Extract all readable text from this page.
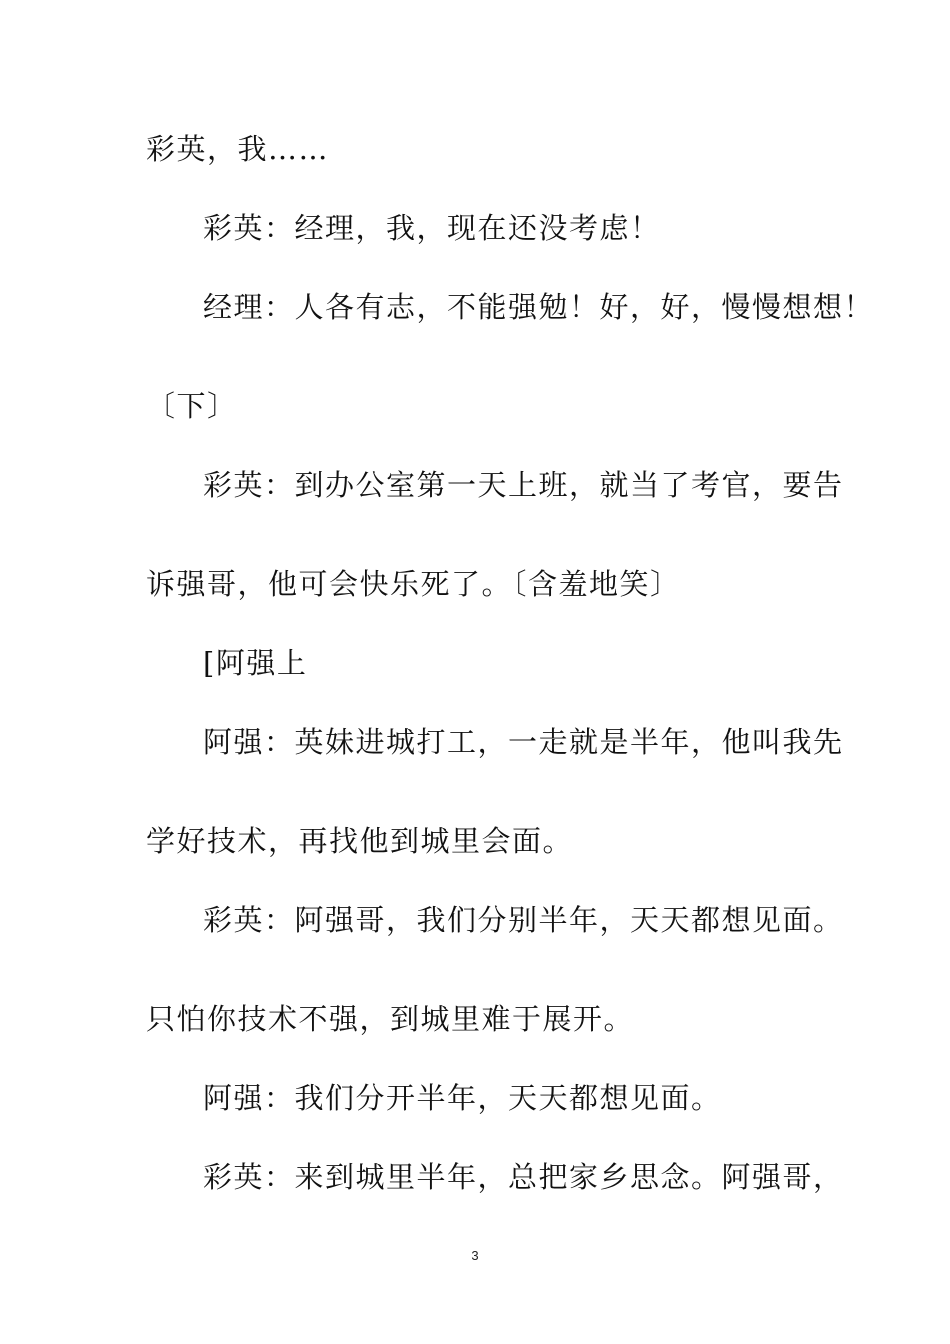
彩英，我……
彩英：经理，我，现在还没考虑！
经理：人各有志，不能强勉！好，好，慢慢想想！
〔下〕
彩英：到办公室第一天上班，就当了考官，要告
诉强哥，他可会快乐死了。〔含羞地笑〕
[阿强上
阿强：英妹进城打工，一走就是半年，他叫我先
学好技术，再找他到城里会面。
彩英：阿强哥，我们分别半年，天天都想见面。
只怕你技术不强，到城里难于展开。
阿强：我们分开半年，天天都想见面。
彩英：来到城里半年，总把家乡思念。阿强哥，
3
